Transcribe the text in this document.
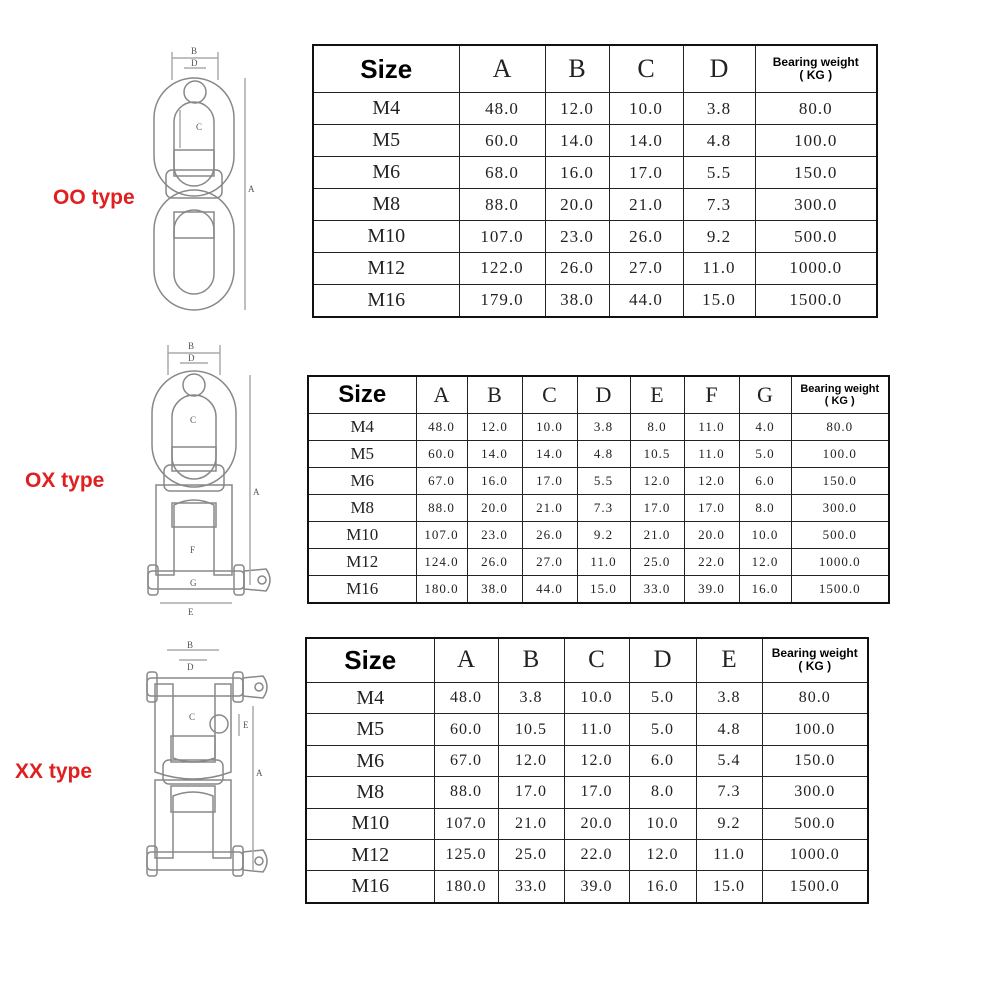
OO type
B
D
C
A
Size	A	B	C	D	Bearing weight
( KG )

M4	48.0	12.0	10.0	3.8	80.0
M5	60.0	14.0	14.0	4.8	100.0
M6	68.0	16.0	17.0	5.5	150.0
M8	88.0	20.0	21.0	7.3	300.0
M10	107.0	23.0	26.0	9.2	500.0
M12	122.0	26.0	27.0	11.0	1000.0
M16	179.0	38.0	44.0	15.0	1500.0
OX type
B
D
C
A
F
G
E
Size	A	B	C	D	E	F	G	Bearing weight
( KG )

M4	48.0	12.0	10.0	3.8	8.0	11.0	4.0	80.0
M5	60.0	14.0	14.0	4.8	10.5	11.0	5.0	100.0
M6	67.0	16.0	17.0	5.5	12.0	12.0	6.0	150.0
M8	88.0	20.0	21.0	7.3	17.0	17.0	8.0	300.0
M10	107.0	23.0	26.0	9.2	21.0	20.0	10.0	500.0
M12	124.0	26.0	27.0	11.0	25.0	22.0	12.0	1000.0
M16	180.0	38.0	44.0	15.0	33.0	39.0	16.0	1500.0
XX type
B
D
C
E
A
Size	A	B	C	D	E	Bearing weight
( KG )

M4	48.0	3.8	10.0	5.0	3.8	80.0
M5	60.0	10.5	11.0	5.0	4.8	100.0
M6	67.0	12.0	12.0	6.0	5.4	150.0
M8	88.0	17.0	17.0	8.0	7.3	300.0
M10	107.0	21.0	20.0	10.0	9.2	500.0
M12	125.0	25.0	22.0	12.0	11.0	1000.0
M16	180.0	33.0	39.0	16.0	15.0	1500.0
